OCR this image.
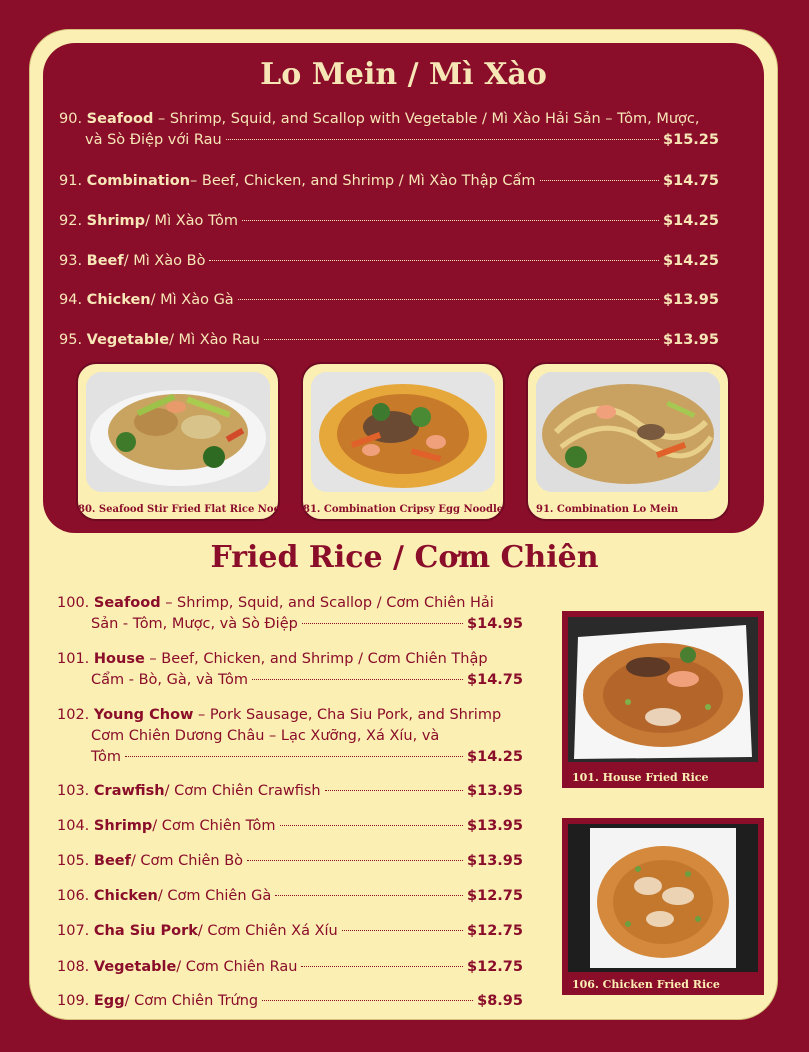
Lo Mein / Mì Xào
90. Seafood – Shrimp, Squid, and Scallop with Vegetable / Mì Xào Hải Sản – Tôm, Mược,
và Sò Điệp với Rau	$15.25
91.
Combination – Beef, Chicken, and Shrimp / Mì Xào Thập Cẩm	$14.75
92.
Shrimp / Mì Xào Tôm	$14.25
93.
Beef / Mì Xào Bò	$14.25
94.
Chicken / Mì Xào Gà	$13.95
95.
Vegetable / Mì Xào Rau	$13.95
80. Seafood Stir Fried Flat Rice Noodle 81. Combination Cripsy Egg Noodle	91. Combination Lo Mein
Fried Rice / Cơm Chiên
100. Seafood – Shrimp, Squid, and Scallop / Cơm Chiên Hải
Sản - Tôm, Mược, và Sò Điệp	$14.95
101. House – Beef, Chicken, and Shrimp / Cơm Chiên Thập
Cẩm - Bò, Gà, và Tôm	$14.75
102. Young Chow – Pork Sausage, Cha Siu Pork, and Shrimp
Cơm Chiên Dương Châu – Lạc Xưỡng, Xá Xíu, và
Tôm	$14.25
103.
Crawfish / Cơm Chiên Crawfish	$13.95
104.
Shrimp / Cơm Chiên Tôm	$13.95
105.
Beef / Cơm Chiên Bò	$13.95
106.
Chicken / Cơm Chiên Gà	$12.75
107.
Cha Siu Pork / Cơm Chiên Xá Xíu	$12.75
108.
Vegetable / Cơm Chiên Rau	$12.75
109.
Egg / Cơm Chiên Trứng	$8.95
101. House Fried Rice
106. Chicken Fried Rice
